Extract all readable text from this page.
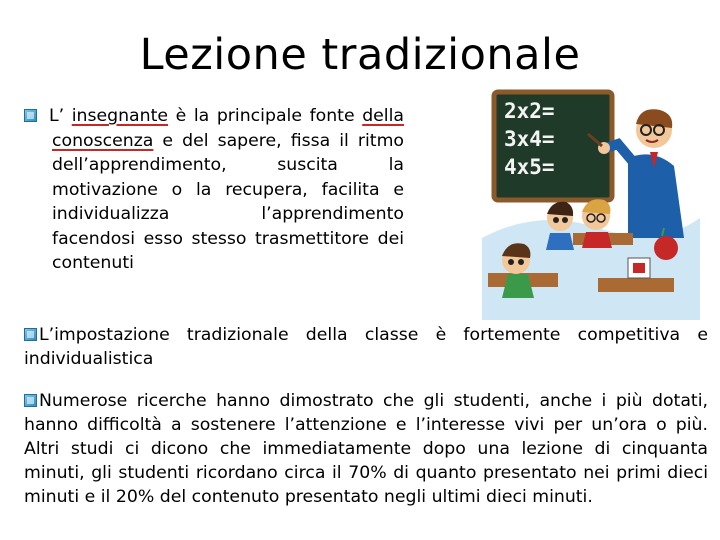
Lezione tradizionale
L’ insegnante è la principale fonte della conoscenza e del sapere, fissa il ritmo dell’apprendimento, suscita la motivazione o la recupera, facilita e individualizza l’apprendimento facendosi esso stesso trasmettitore dei contenuti
2x2=
3x4=
4x5=
L’impostazione tradizionale della classe è fortemente competitiva e individualistica
Numerose ricerche hanno dimostrato che gli studenti, anche i più dotati, hanno difficoltà a sostenere l’attenzione e l’interesse vivi per un’ora o più. Altri studi ci dicono che immediatamente dopo una lezione di cinquanta minuti, gli studenti ricordano circa il 70% di quanto presentato nei primi dieci minuti e il 20% del contenuto presentato negli ultimi dieci minuti.
